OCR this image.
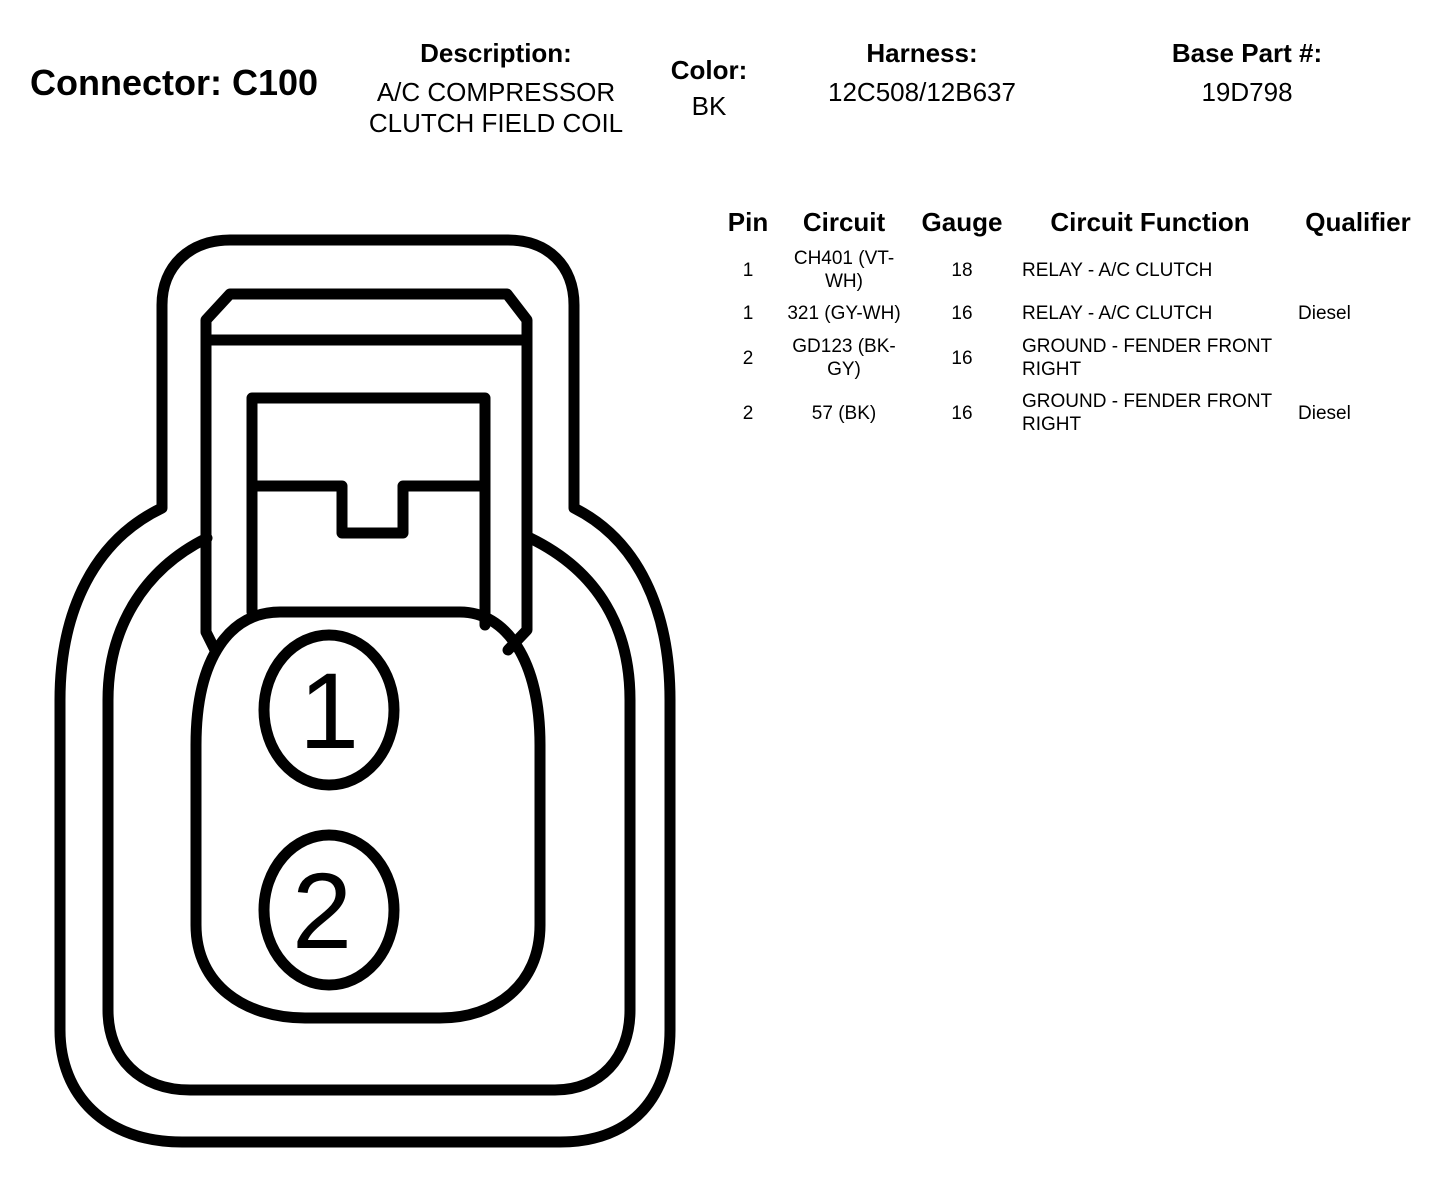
Connector: C100
Description:
A/C COMPRESSOR
CLUTCH FIELD COIL
Color:
BK
Harness:
12C508/12B637
Base Part #:
19D798
Pin	Circuit	Gauge	Circuit Function	Qualifier
1	CH401 (VT-WH)	18	RELAY - A/C CLUTCH	
1	321 (GY-WH)	16	RELAY - A/C CLUTCH	Diesel
2	GD123 (BK-GY)	16	GROUND - FENDER FRONT RIGHT	
2	57 (BK)	16	GROUND - FENDER FRONT RIGHT	Diesel
1
2
